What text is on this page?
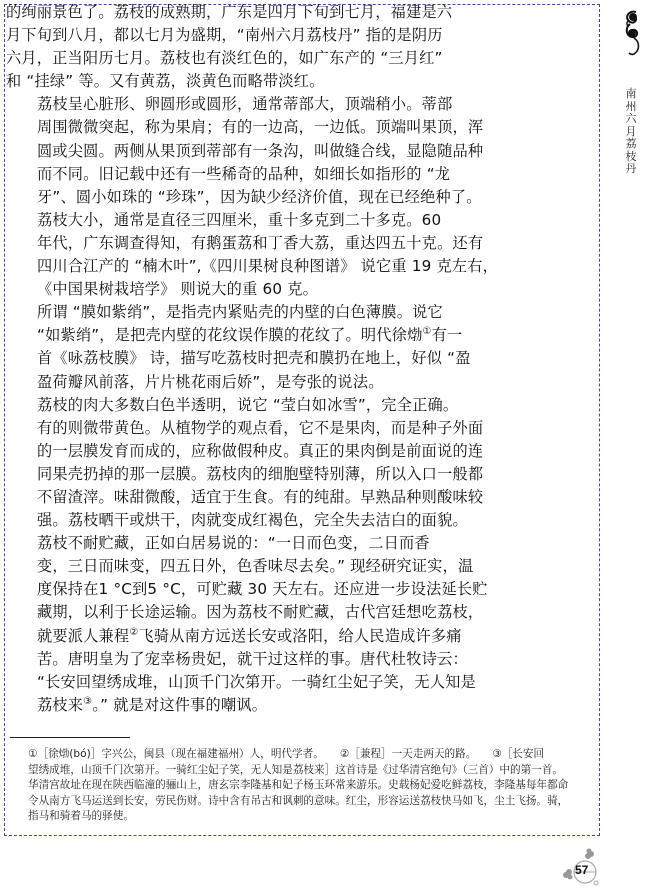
南州六月荔枝丹

的绚丽景色了。荔枝的成熟期，广东是四月下旬到七月，福建是六
月下旬到八月，都以七月为盛期，“南州六月荔枝丹” 指的是阴历
六月，正当阳历七月。荔枝也有淡红色的，如广东产的 “三月红”
和 “挂绿” 等。又有黄荔，淡黄色而略带淡红。

荔枝呈心脏形、卵圆形或圆形，通常蒂部大，顶端稍小。蒂部
周围微微突起，称为果肩；有的一边高，一边低。顶端叫果顶，浑
圆或尖圆。两侧从果顶到蒂部有一条沟，叫做缝合线，显隐随品种
而不同。旧记载中还有一些稀奇的品种，如细长如指形的 “龙
牙”、圆小如珠的 “珍珠”，因为缺少经济价值，现在已经绝种了。

荔枝大小，通常是直径三四厘米，重十多克到二十多克。60
年代，广东调查得知，有鹅蛋荔和丁香大荔，重达四五十克。还有
四川合江产的 “楠木叶”,《四川果树良种图谱》 说它重 19 克左右，
《中国果树栽培学》 则说大的重 60 克。

所谓 “膜如紫绡”，是指壳内紧贴壳的内壁的白色薄膜。说它
“如紫绡”，是把壳内壁的花纹误作膜的花纹了。明代徐𤊹①有一
首《咏荔枝膜》 诗，描写吃荔枝时把壳和膜扔在地上，好似 “盈
盈荷瓣风前落，片片桃花雨后娇”，是夸张的说法。

荔枝的肉大多数白色半透明，说它 “莹白如冰雪”，完全正确。
有的则微带黄色。从植物学的观点看，它不是果肉，而是种子外面
的一层膜发育而成的，应称做假种皮。真正的果肉倒是前面说的连
同果壳扔掉的那一层膜。荔枝肉的细胞壁特别薄，所以入口一般都
不留渣滓。味甜微酸，适宜于生食。有的纯甜。早熟品种则酸味较
强。荔枝晒干或烘干，肉就变成红褐色，完全失去洁白的面貌。

荔枝不耐贮藏，正如白居易说的：“一日而色变，二日而香
变，三日而味变，四五日外，色香味尽去矣。” 现经研究证实，温
度保持在1 °C到5 °C，可贮藏 30 天左右。还应进一步设法延长贮
藏期，以利于长途运输。因为荔枝不耐贮藏，古代宫廷想吃荔枝，
就要派人兼程②飞骑从南方远送长安或洛阳，给人民造成许多痛
苦。唐明皇为了宠幸杨贵妃，就干过这样的事。唐代杜牧诗云：
“长安回望绣成堆，山顶千门次第开。一骑红尘妃子笑，无人知是
荔枝来③。” 就是对这件事的嘲讽。

①［徐𤊹(bó)］字兴公，闽县（现在福建福州）人，明代学者。　　②［兼程］一天走两天的路。　　③［长安回
望绣成堆，山顶千门次第开。一骑红尘妃子笑，无人知是荔枝来］这首诗是《过华清宫绝句》（三首）中的第一首。
华清宫故址在现在陕西临潼的骊山上，唐玄宗李隆基和妃子杨玉环常来游乐。史载杨妃爱吃鲜荔枝，李隆基每年都命
令从南方飞马运送到长安，劳民伤财。诗中含有吊古和讽刺的意味。红尘，形容运送荔枝快马如飞，尘土飞扬。骑，
指马和骑着马的驿使。
57
